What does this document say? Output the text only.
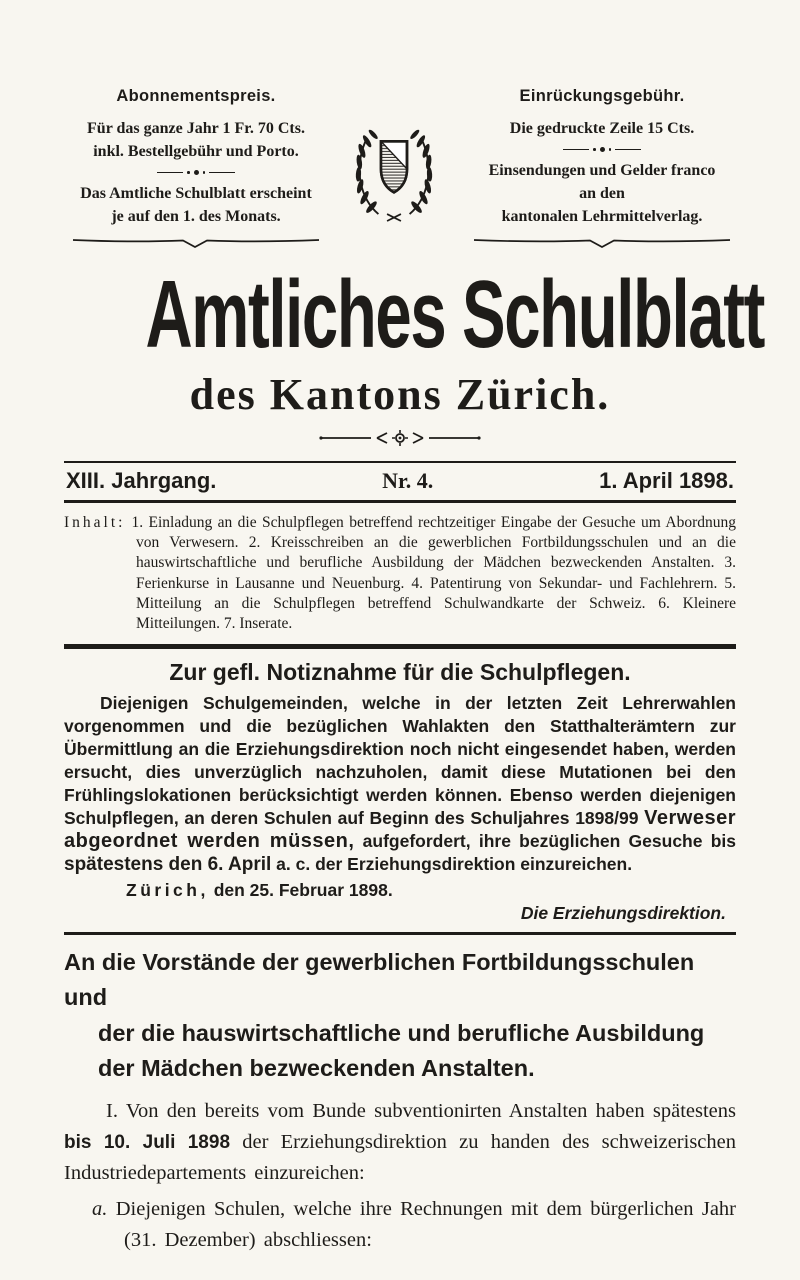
Abonnementspreis.
Für das ganze Jahr 1 Fr. 70 Cts.
inkl. Bestellgebühr und Porto.
Das Amtliche Schulblatt erscheint
je auf den 1. des Monats.
Einrückungsgebühr.
Die gedruckte Zeile 15 Cts.
Einsendungen und Gelder franco
an den
kantonalen Lehrmittelverlag.
Amtliches Schulblatt
des Kantons Zürich.
XIII. Jahrgang.	Nr. 4.	1. April 1898.

Inhalt: 1. Einladung an die Schulpflegen betreffend rechtzeitiger Eingabe der Gesuche um Abordnung von Verwesern. 2. Kreisschreiben an die gewerblichen Fortbildungsschulen und an die hauswirtschaftliche und berufliche Ausbildung der Mädchen bezweckenden Anstalten. 3. Ferienkurse in Lausanne und Neuenburg. 4. Patentirung von Sekundar- und Fachlehrern. 5. Mitteilung an die Schulpflegen betreffend Schulwandkarte der Schweiz. 6. Kleinere Mitteilungen. 7. Inserate.

Zur gefl. Notiznahme für die Schulpflegen.

Diejenigen Schulgemeinden, welche in der letzten Zeit Lehrerwahlen vorgenommen und die bezüglichen Wahlakten den Statthalterämtern zur Übermittlung an die Erziehungsdirektion noch nicht eingesendet haben, werden ersucht, dies unverzüglich nachzuholen, damit diese Mutationen bei den Frühlingslokationen berücksichtigt werden können. Ebenso werden diejenigen Schulpflegen, an deren Schulen auf Beginn des Schuljahres 1898/99 Verweser abgeordnet werden müssen, aufgefordert, ihre bezüglichen Gesuche bis spätestens den 6. April a. c. der Erziehungsdirektion einzureichen.

Zürich, den 25. Februar 1898.
Die Erziehungsdirektion.
An die Vorstände der gewerblichen Fortbildungsschulen und
der die hauswirtschaftliche und berufliche Ausbildung
der Mädchen bezweckenden Anstalten.

I. Von den bereits vom Bunde subventionirten Anstalten haben spätestens bis 10. Juli 1898 der Erziehungsdirektion zu handen des schweizerischen Industriedepartements einzureichen:

a. Diejenigen Schulen, welche ihre Rechnungen mit dem bürgerlichen Jahr (31. Dezember) abschliessen:
